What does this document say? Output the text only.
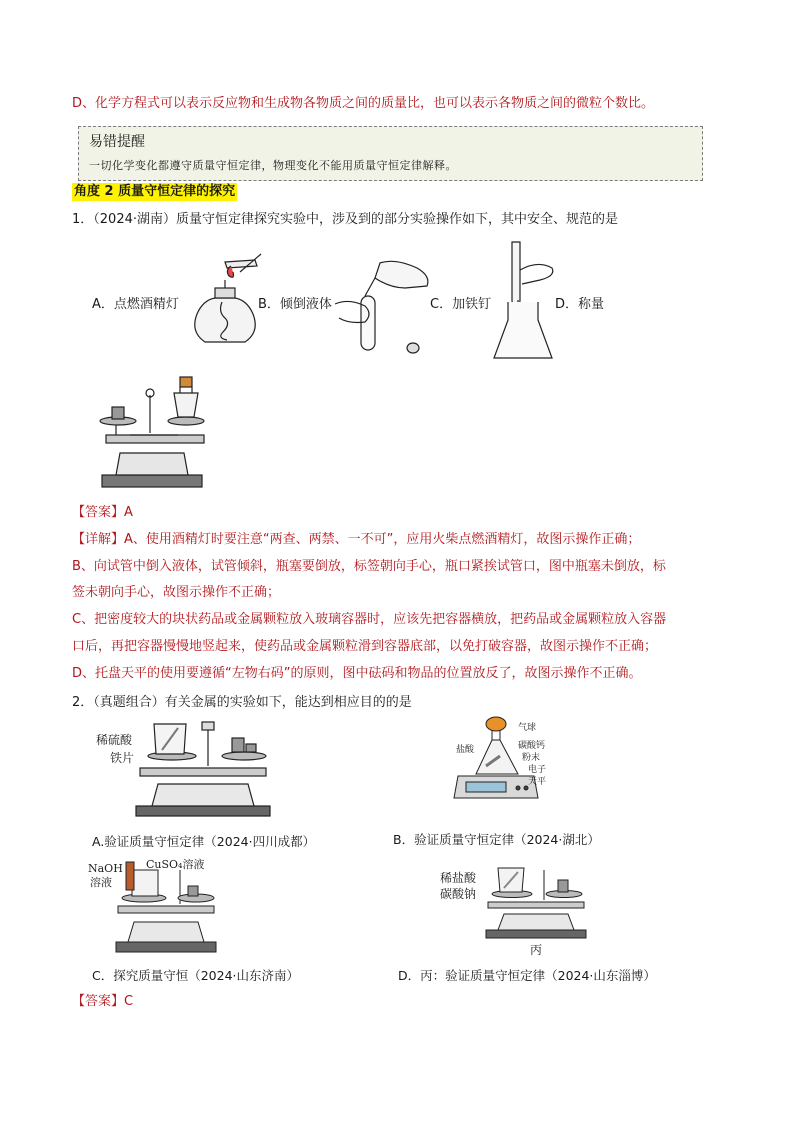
D、化学方程式可以表示反应物和生成物各物质之间的质量比，也可以表示各物质之间的微粒个数比。
易错提醒
一切化学变化都遵守质量守恒定律，物理变化不能用质量守恒定律解释。
角度 2 质量守恒定律的探究
1．（2024·湖南）质量守恒定律探究实验中，涉及到的部分实验操作如下，其中安全、规范的是
A．点燃酒精灯	B．倾倒液体	C．加铁钉	D．称量
【答案】A
【详解】A、使用酒精灯时要注意“两查、两禁、一不可”，应用火柴点燃酒精灯，故图示操作正确；
B、向试管中倒入液体，试管倾斜，瓶塞要倒放，标签朝向手心，瓶口紧挨试管口，图中瓶塞未倒放，标
签未朝向手心，故图示操作不正确；
C、把密度较大的块状药品或金属颗粒放入玻璃容器时，应该先把容器横放，把药品或金属颗粒放入容器
口后，再把容器慢慢地竖起来，使药品或金属颗粒滑到容器底部，以免打破容器，故图示操作不正确；
D、托盘天平的使用要遵循“左物右码”的原则，图中砝码和物品的位置放反了，故图示操作不正确。
2．（真题组合）有关金属的实验如下，能达到相应目的的是
稀硫酸
铁片
A.验证质量守恒定律（2024·四川成都）
气球
盐酸	碳酸钙
粉末
电子
天平
B．验证质量守恒定律（2024·湖北）
NaOH
溶液
CuSO₄溶液
C．探究质量守恒（2024·山东济南）
稀盐酸
碳酸钠
丙
D．丙：验证质量守恒定律（2024·山东淄博）
【答案】C
